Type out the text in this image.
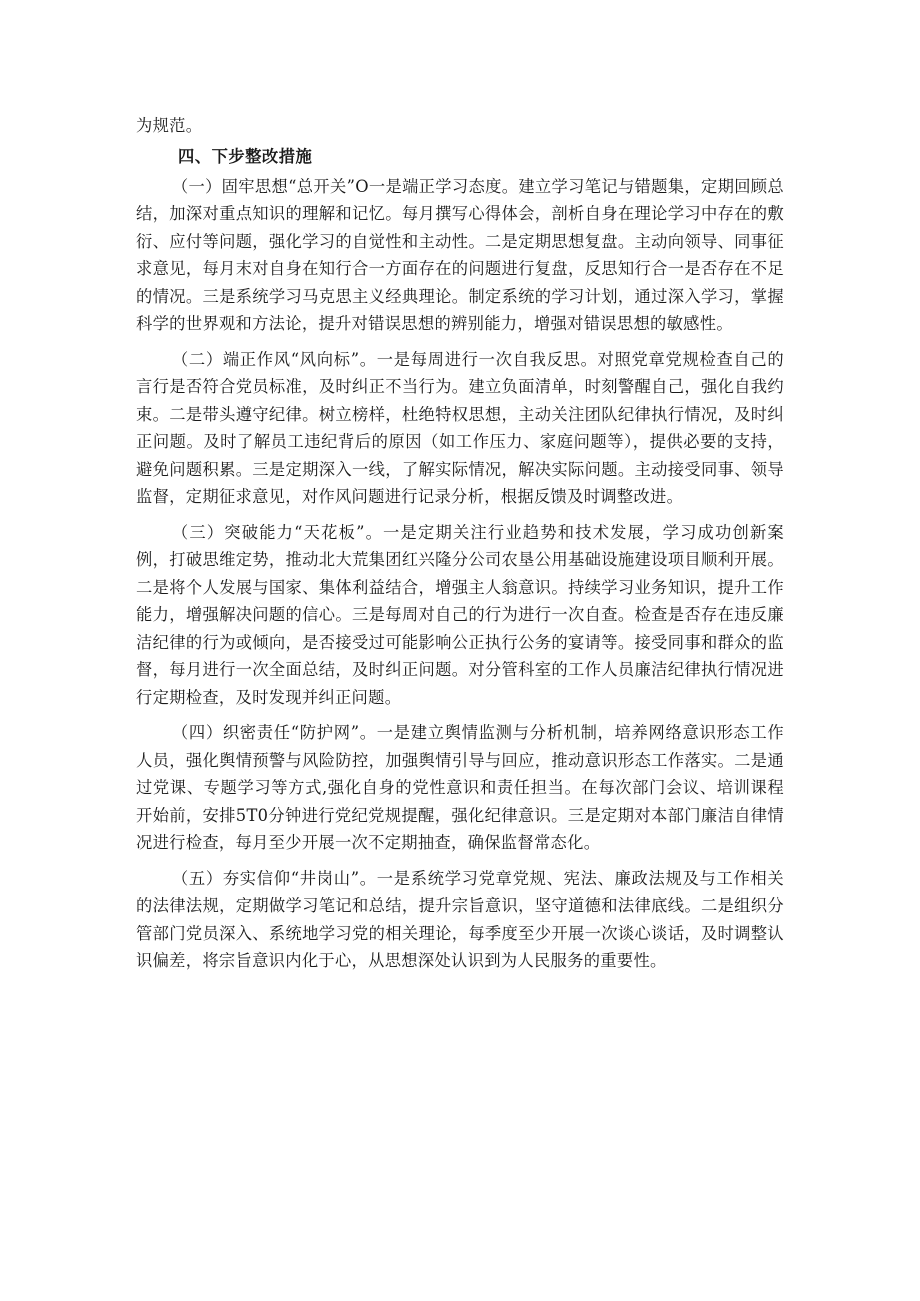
为规范。

四、下步整改措施

（一）固牢思想“总开关”O一是端正学习态度。建立学习笔记与错题集，定期回顾总结，加深对重点知识的理解和记忆。每月撰写心得体会，剖析自身在理论学习中存在的敷衍、应付等问题，强化学习的自觉性和主动性。二是定期思想复盘。主动向领导、同事征求意见，每月末对自身在知行合一方面存在的问题进行复盘，反思知行合一是否存在不足的情况。三是系统学习马克思主义经典理论。制定系统的学习计划，通过深入学习，掌握科学的世界观和方法论，提升对错误思想的辨别能力，增强对错误思想的敏感性。

（二）端正作风“风向标”。一是每周进行一次自我反思。对照党章党规检查自己的言行是否符合党员标准，及时纠正不当行为。建立负面清单，时刻警醒自己，强化自我约束。二是带头遵守纪律。树立榜样，杜绝特权思想，主动关注团队纪律执行情况，及时纠正问题。及时了解员工违纪背后的原因（如工作压力、家庭问题等），提供必要的支持，避免问题积累。三是定期深入一线，了解实际情况，解决实际问题。主动接受同事、领导监督，定期征求意见，对作风问题进行记录分析，根据反馈及时调整改进。

（三）突破能力“天花板”。一是定期关注行业趋势和技术发展，学习成功创新案例，打破思维定势，推动北大荒集团红兴隆分公司农垦公用基础设施建设项目顺利开展。二是将个人发展与国家、集体利益结合，增强主人翁意识。持续学习业务知识，提升工作能力，增强解决问题的信心。三是每周对自己的行为进行一次自查。检查是否存在违反廉洁纪律的行为或倾向，是否接受过可能影响公正执行公务的宴请等。接受同事和群众的监督，每月进行一次全面总结，及时纠正问题。对分管科室的工作人员廉洁纪律执行情况进行定期检查，及时发现并纠正问题。

（四）织密责任“防护网”。一是建立舆情监测与分析机制，培养网络意识形态工作人员，强化舆情预警与风险防控，加强舆情引导与回应，推动意识形态工作落实。二是通过党课、专题学习等方式,强化自身的党性意识和责任担当。在每次部门会议、培训课程开始前，安排5T0分钟进行党纪党规提醒，强化纪律意识。三是定期对本部门廉洁自律情况进行检查，每月至少开展一次不定期抽查，确保监督常态化。

（五）夯实信仰“井岗山”。一是系统学习党章党规、宪法、廉政法规及与工作相关的法律法规，定期做学习笔记和总结，提升宗旨意识，坚守道德和法律底线。二是组织分管部门党员深入、系统地学习党的相关理论，每季度至少开展一次谈心谈话，及时调整认识偏差，将宗旨意识内化于心，从思想深处认识到为人民服务的重要性。
